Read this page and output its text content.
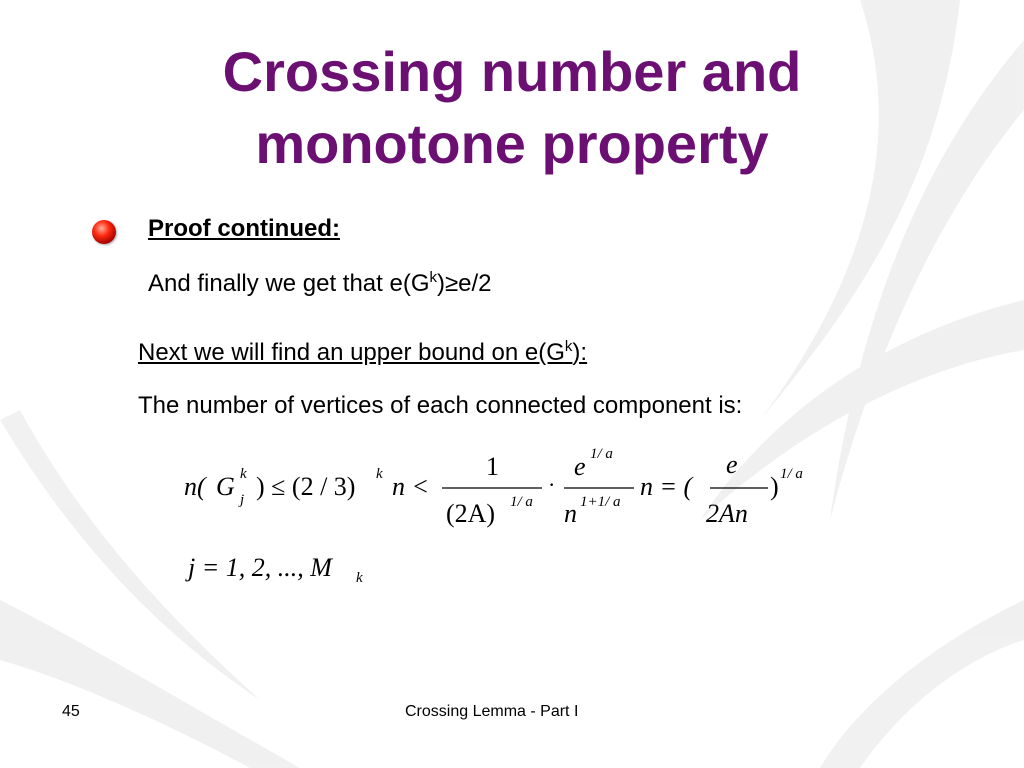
Crossing number and
monotone property
Proof continued:
And finally we get that $e(G^k)\ge e/2$
Next we will find an upper bound on $e(G^k)$:
The number of vertices of each connected component is:
n( G k
j ) ≤ (2 / 3) k n <
1
(2A) 1/ a
·
e 1/ a
n 1+1/ a
n = (
e
2An
) 1/ a
j = 1, 2, ..., M k
45	Crossing Lemma - Part I
